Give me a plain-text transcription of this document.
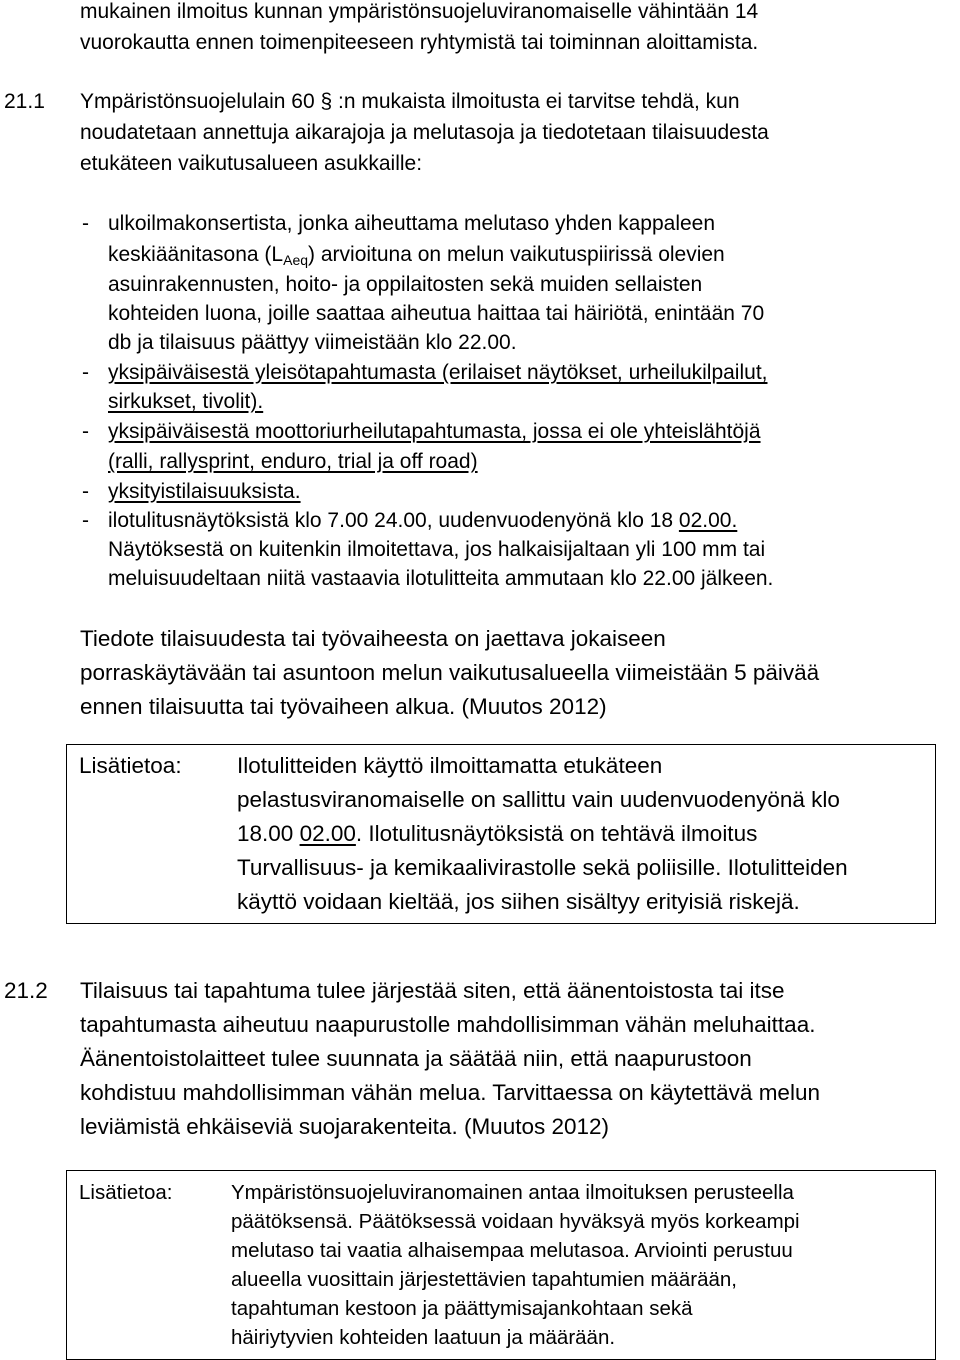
mukainen ilmoitus kunnan ympäristönsuojeluviranomaiselle vähintään 14
vuorokautta ennen toimenpiteeseen ryhtymistä tai toiminnan aloittamista.
21.1 Ympäristönsuojelulain 60 § :n mukaista ilmoitusta ei tarvitse tehdä, kun
noudatetaan annettuja aikarajoja ja melutasoja ja tiedotetaan tilaisuudesta
etukäteen vaikutusalueen asukkaille:
- ulkoilmakonsertista, jonka aiheuttama melutaso yhden kappaleen
keskiäänitasona $(L_{Aeq})$ arvioituna on melun vaikutuspiirissä olevien
asuinrakennusten, hoito- ja oppilaitosten sekä muiden sellaisten
kohteiden luona, joille saattaa aiheutua haittaa tai häiriötä, enintään 70
db ja tilaisuus päättyy viimeistään klo 22.00.
- yksipäiväisestä yleisötapahtumasta (erilaiset näytökset, urheilukilpailut,
sirkukset, tivolit).
- yksipäiväisestä moottoriurheilutapahtumasta, jossa ei ole yhteislähtöjä
(ralli, rallysprint, enduro, trial ja off road)
- yksityistilaisuuksista.
- ilotulitusnäytöksistä klo 7.00 24.00, uudenvuodenyönä klo 18 02.00.
Näytöksestä on kuitenkin ilmoitettava, jos halkaisijaltaan yli 100 mm tai
meluisuudeltaan niitä vastaavia ilotulitteita ammutaan klo 22.00 jälkeen.
Tiedote tilaisuudesta tai työvaiheesta on jaettava jokaiseen
porraskäytävään tai asuntoon melun vaikutusalueella viimeistään 5 päivää
ennen tilaisuutta tai työvaiheen alkua. (Muutos 2012)
Lisätietoa: Ilotulitteiden käyttö ilmoittamatta etukäteen
pelastusviranomaiselle on sallittu vain uudenvuodenyönä klo
18.00 02.00. Ilotulitusnäytöksistä on tehtävä ilmoitus
Turvallisuus- ja kemikaalivirastolle sekä poliisille. Ilotulitteiden
käyttö voidaan kieltää, jos siihen sisältyy erityisiä riskejä.
21.2 Tilaisuus tai tapahtuma tulee järjestää siten, että äänentoistosta tai itse
tapahtumasta aiheutuu naapurustolle mahdollisimman vähän meluhaittaa.
Äänentoistolaitteet tulee suunnata ja säätää niin, että naapurustoon
kohdistuu mahdollisimman vähän melua. Tarvittaessa on käytettävä melun
leviämistä ehkäiseviä suojarakenteita. (Muutos 2012)
Lisätietoa:	Ympäristönsuojeluviranomainen antaa ilmoituksen perusteella
päätöksensä. Päätöksessä voidaan hyväksyä myös korkeampi
melutaso tai vaatia alhaisempaa melutasoa. Arviointi perustuu
alueella vuosittain järjestettävien tapahtumien määrään,
tapahtuman kestoon ja päättymisajankohtaan sekä
häiriytyvien kohteiden laatuun ja määrään.
